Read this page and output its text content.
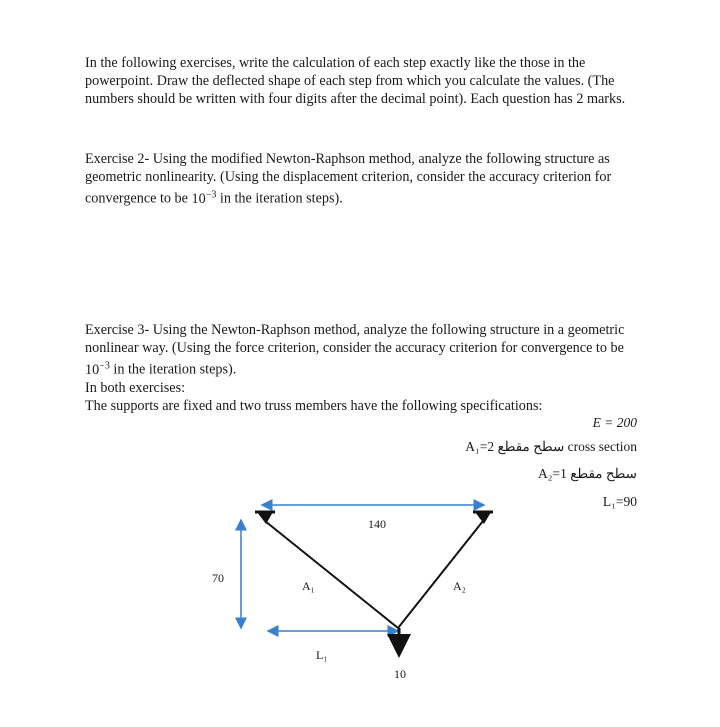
In the following exercises, write the calculation of each step exactly like the those in the powerpoint. Draw the deflected shape of each step from which you calculate the values. (The numbers should be written with four digits after the decimal point). Each question has 2 marks.

Exercise 2- Using the modified Newton-Raphson method, analyze the following structure as geometric nonlinearity. (Using the displacement criterion, consider the accuracy criterion for convergence to be $10^{-3}$ in the iteration steps).

Exercise 3- Using the Newton-Raphson method, analyze the following structure in a geometric nonlinear way. (Using the force criterion, consider the accuracy criterion for convergence to be $10^{-3}$ in the iteration steps).

In both exercises:

The supports are fixed and two truss members have the following specifications:

E = 200
A₁=2 سطح مقطع cross section
A₂=1 سطح مقطع
L₁=90
140
70
L₁
A₁	A₂
10
